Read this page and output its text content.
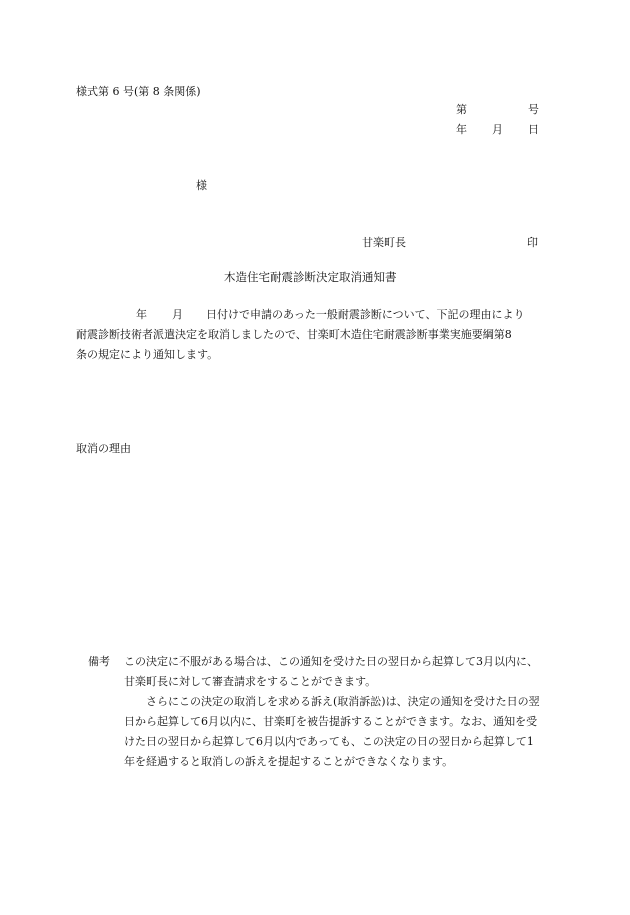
様式第 6 号(第 8 条関係)
第	号
年 月 日
様
甘楽町長	印
木造住宅耐震診断決定取消通知書
年 月 日付けで申請のあった一般耐震診断について、下記の理由により
耐震診断技術者派遣決定を取消しましたので、甘楽町木造住宅耐震診断事業実施要綱第8
条の規定により通知します。
取消の理由
備考	この決定に不服がある場合は、この通知を受けた日の翌日から起算して3月以内に、
甘楽町長に対して審査請求をすることができます。
さらにこの決定の取消しを求める訴え(取消訴訟)は、決定の通知を受けた日の翌
日から起算して6月以内に、甘楽町を被告提訴することができます。なお、通知を受
けた日の翌日から起算して6月以内であっても、この決定の日の翌日から起算して1
年を経過すると取消しの訴えを提起することができなくなります。
